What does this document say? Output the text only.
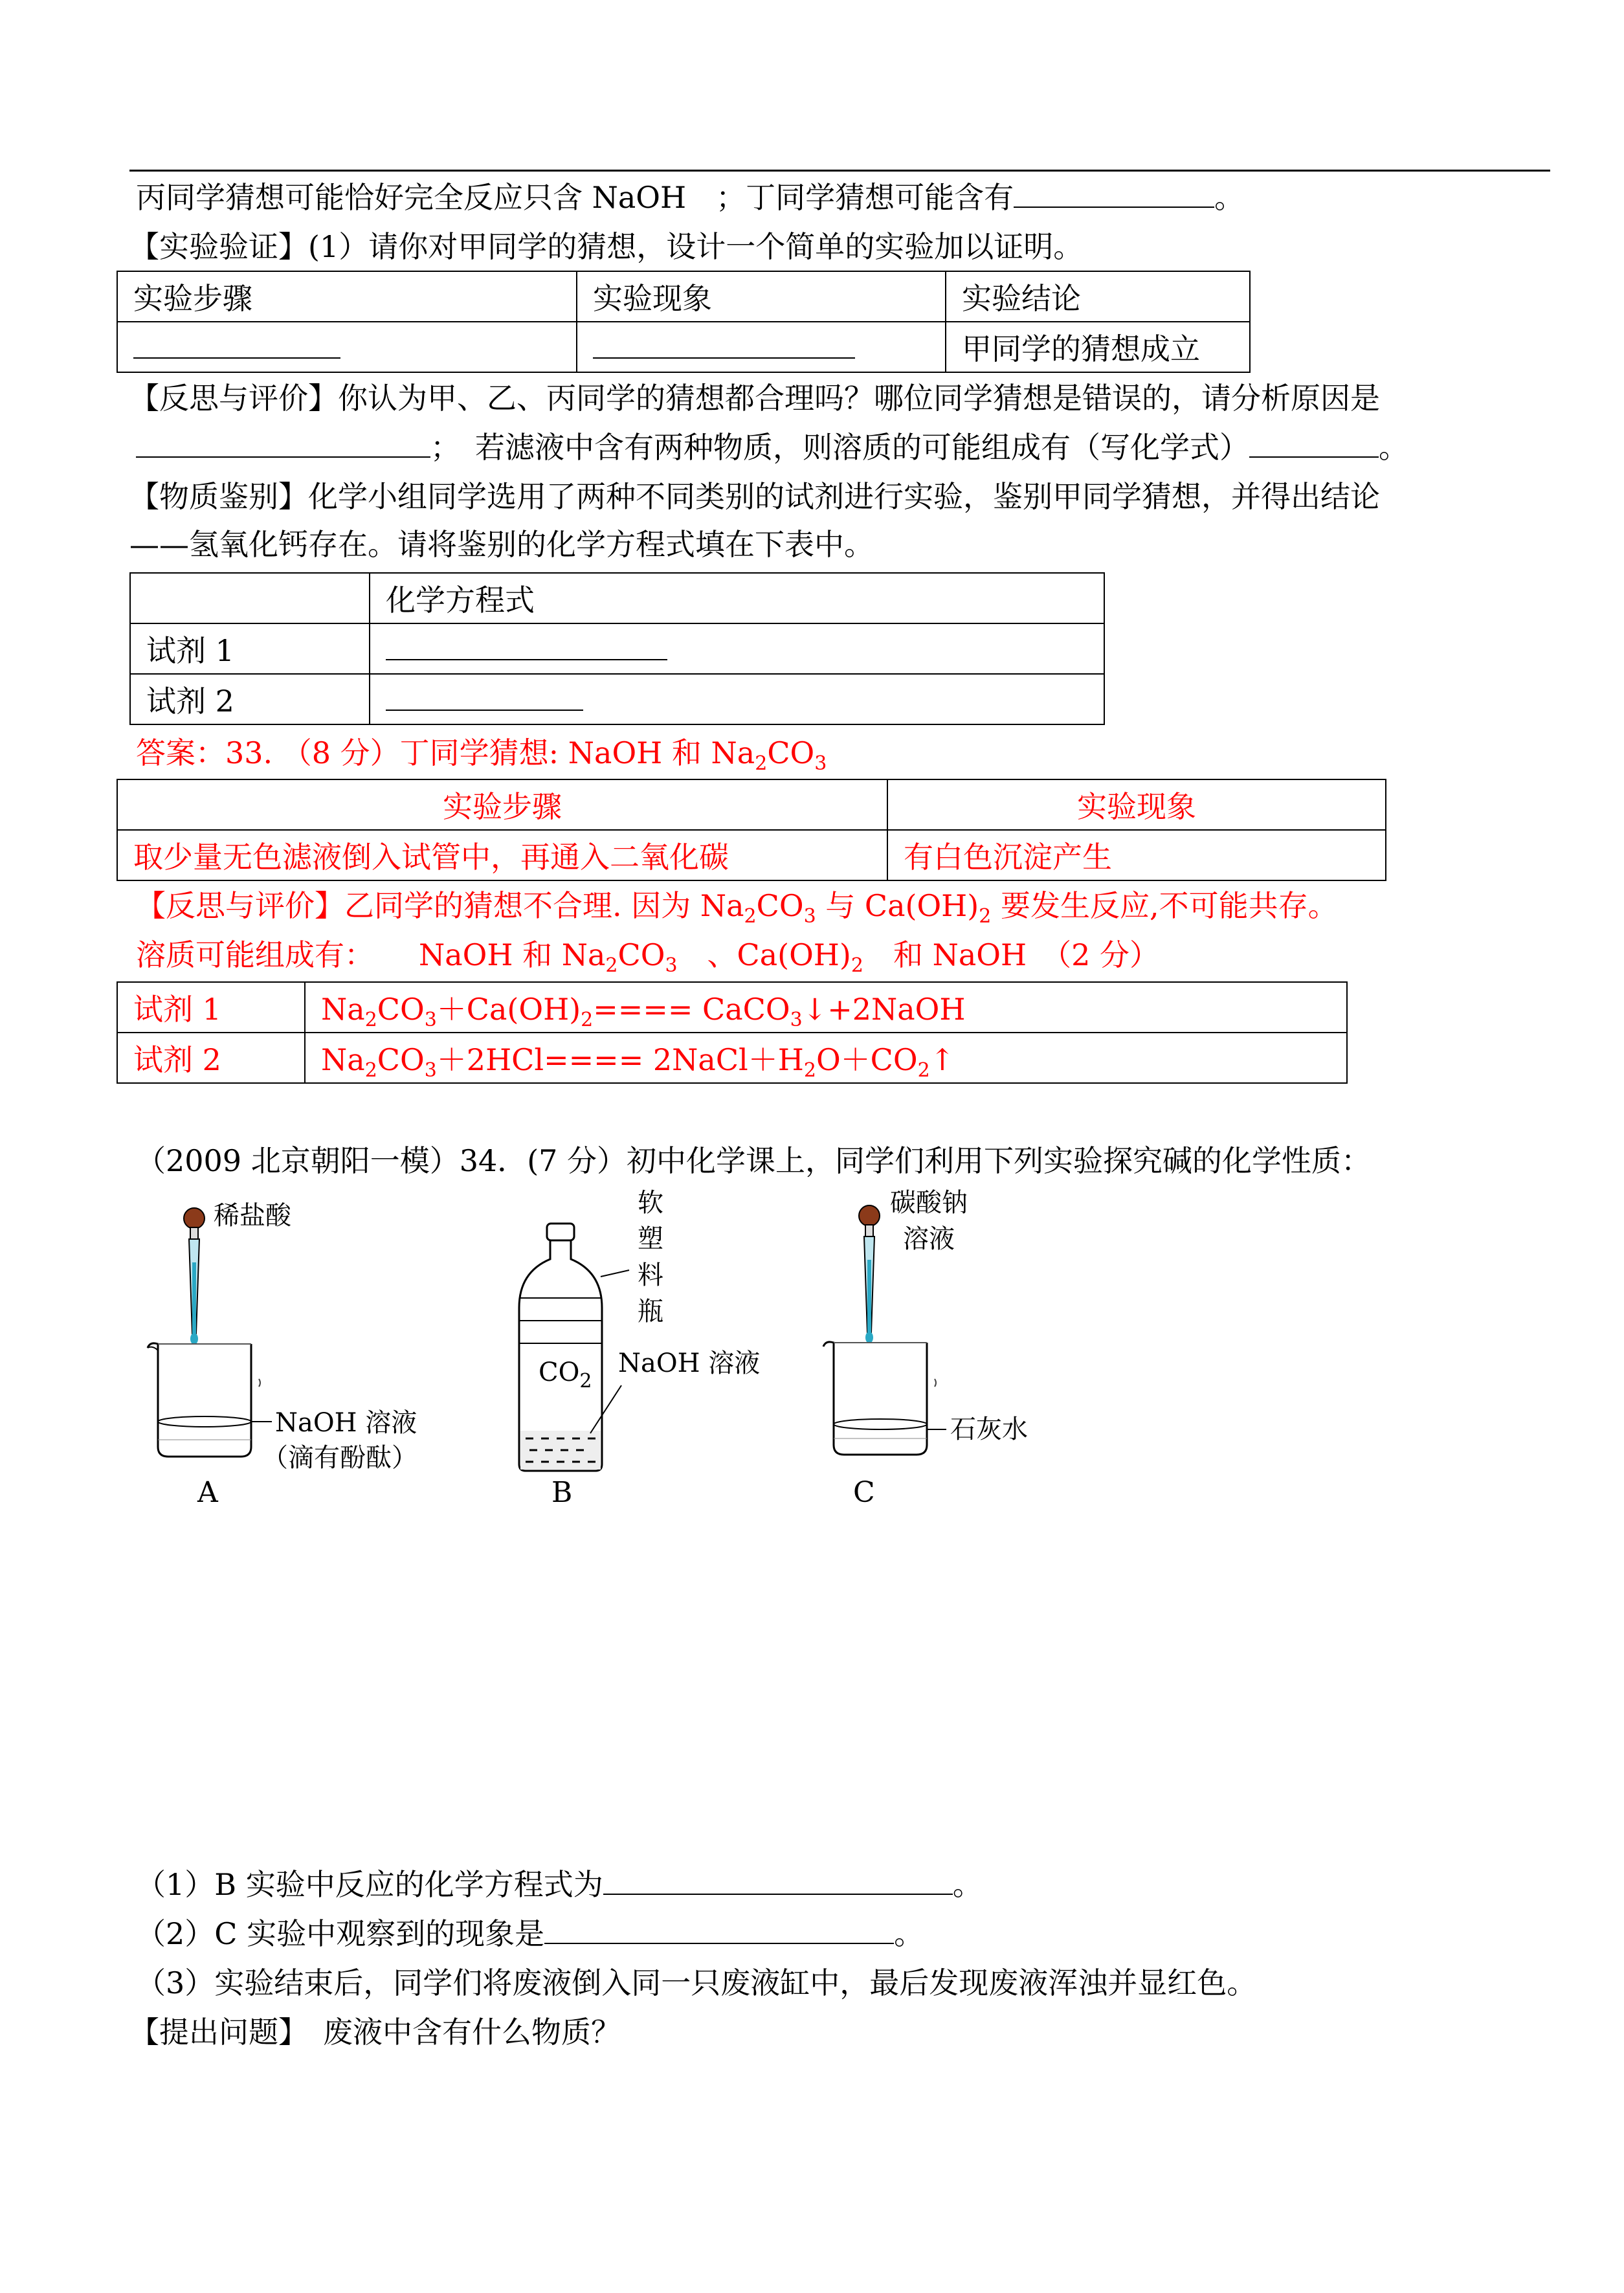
丙同学猜想可能恰好完全反应只含 NaOH　；丁同学猜想可能含有	。
【实验验证】(1）请你对甲同学的猜想，设计一个简单的实验加以证明。
实验步骤	实验现象	实验结论
		甲同学的猜想成立
【反思与评价】你认为甲、乙、丙同学的猜想都合理吗？哪位同学猜想是错误的，请分析原因是
；　若滤液中含有两种物质，则溶质的可能组成有（写化学式）	。
【物质鉴别】化学小组同学选用了两种不同类别的试剂进行实验，鉴别甲同学猜想，并得出结论
——氢氧化钙存在。请将鉴别的化学方程式填在下表中。
	化学方程式
试剂 1	
试剂 2	
答案：33. （8 分）丁同学猜想: NaOH 和 $Na_2CO_3$
实验步骤	实验现象
取少量无色滤液倒入试管中，再通入二氧化碳	有白色沉淀产生
【反思与评价】乙同学的猜想不合理. 因为 $Na_2CO_3$ 与 $Ca(OH)_2$ 要发生反应,不可能共存。
溶质可能组成有：　　NaOH 和 $Na_2CO_3$　、$Ca(OH)_2$　和 NaOH　（2 分）
试剂 1	$Na_2CO_3+Ca(OH)_2====$ CaCO$_3$↓+2NaOH
试剂 2	$Na_2CO_3+2HCl====$ $2NaCl+H_2O+CO_2↑$
（2009 北京朝阳一模）34．(7 分）初中化学课上，同学们利用下列实验探究碱的化学性质：
稀盐酸
NaOH 溶液
（滴有酚酞）
A
软
塑
料
瓶
$CO_2$
NaOH 溶液
B
碳酸钠
溶液
石灰水
C
（1）B 实验中反应的化学方程式为	。
（2）C 实验中观察到的现象是	。
（3）实验结束后，同学们将废液倒入同一只废液缸中，最后发现废液浑浊并显红色。
【提出问题】　废液中含有什么物质？
